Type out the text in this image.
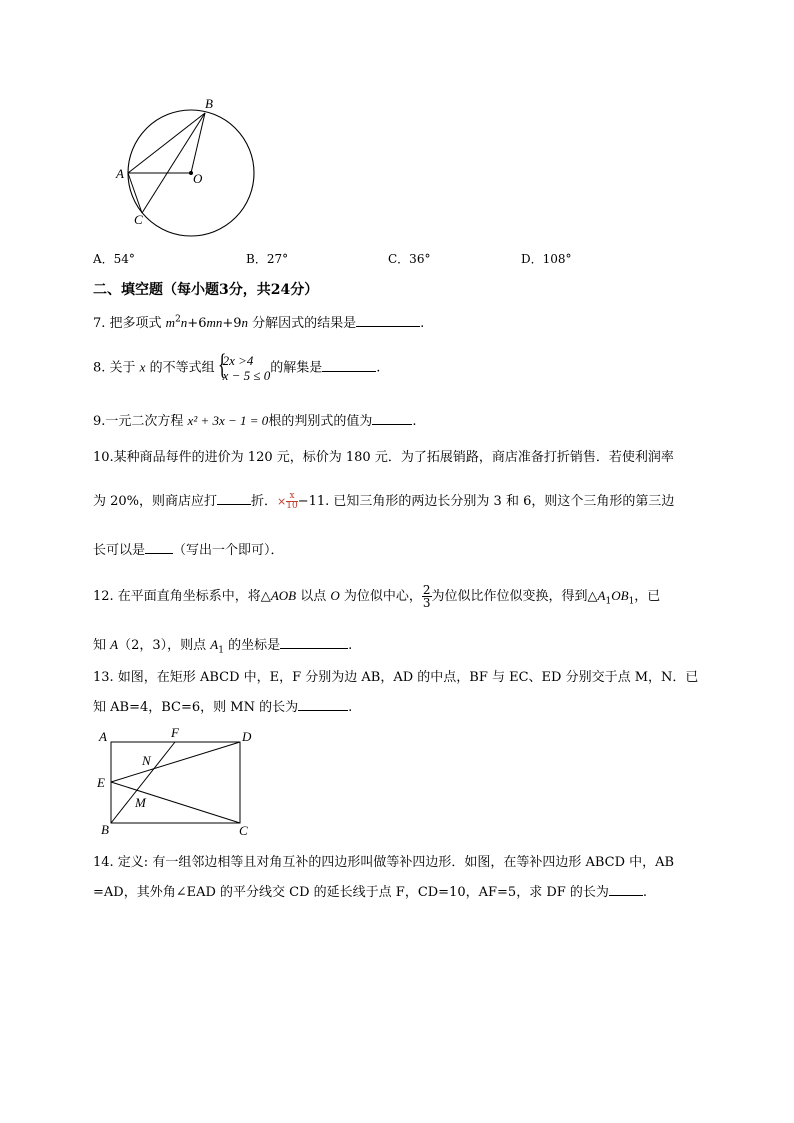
B
A	O
C
A．54°	B．27°	C．36°	D．108°
二、填空题（每小题3分，共24分）
7. 把多项式 $m^2n+6mn+9n$ 分解因式的结果是	.
8. 关于 x 的不等式组 {
2x >4
x − 5 ≤ 0 的解集是	.
9.一元二次方程 x² + 3x − 1 = 0根的判别式的值为	.
10.某种商品每件的进价为 120 元，标价为 180 元．为了拓展销路，商店准备打折销售．若使利润率
为 20%，则商店应打	折．× $\frac{x}{10}-11$. 已知三角形的两边长分别为 3 和 6，则这个三角形的第三边
长可以是 （写出一个即可）．
12. 在平面直角坐标系中，将△AOB 以点 O 为位似中心， $\frac{2}{3}$ 为位似比作位似变换，得到$\triangle A_1OB_1$，已
知 A（2，3），则点 $A_1$ 的坐标是	.
13. 如图，在矩形 ABCD 中，E，F 分别为边 AB，AD 的中点，BF 与 EC、ED 分别交于点 M，N．已
知 AB=4，BC=6，则 MN 的长为	.
A	F	D
N
E
M
B	C
14. 定义: 有一组邻边相等且对角互补的四边形叫做等补四边形．如图，在等补四边形 ABCD 中，AB
=AD，其外角∠EAD 的平分线交 CD 的延长线于点 F，CD=10，AF=5，求 DF 的长为	.
